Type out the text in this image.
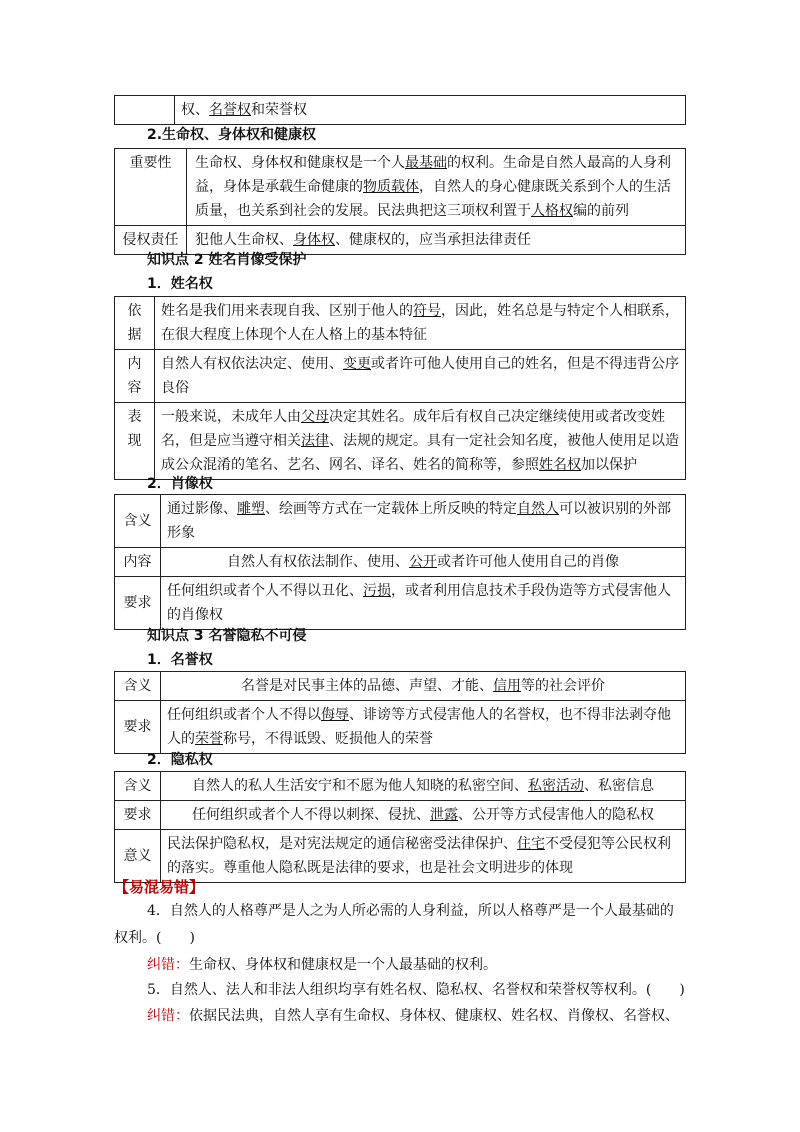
	权、名誉权和荣誉权
2.生命权、身体权和健康权
重要性	生命权、身体权和健康权是一个人最基础的权利。生命是自然人最高的人身利益，身体是承载生命健康的物质载体，自然人的身心健康既关系到个人的生活质量，也关系到社会的发展。民法典把这三项权利置于人格权编的前列
侵权责任	犯他人生命权、身体权、健康权的，应当承担法律责任
知识点 2 姓名肖像受保护
1．姓名权
依据	姓名是我们用来表现自我、区别于他人的符号，因此，姓名总是与特定个人相联系，在很大程度上体现个人在人格上的基本特征
内容	自然人有权依法决定、使用、变更或者许可他人使用自己的姓名，但是不得违背公序良俗
表现	一般来说，未成年人由父母决定其姓名。成年后有权自己决定继续使用或者改变姓名，但是应当遵守相关法律、法规的规定。具有一定社会知名度，被他人使用足以造成公众混淆的笔名、艺名、网名、译名、姓名的简称等，参照姓名权加以保护
2．肖像权
含义	通过影像、雕塑、绘画等方式在一定载体上所反映的特定自然人可以被识别的外部形象
内容	自然人有权依法制作、使用、公开或者许可他人使用自己的肖像
要求	任何组织或者个人不得以丑化、污损，或者利用信息技术手段伪造等方式侵害他人的肖像权
知识点 3 名誉隐私不可侵
1．名誉权
含义	名誉是对民事主体的品德、声望、才能、信用等的社会评价
要求	任何组织或者个人不得以侮辱、诽谤等方式侵害他人的名誉权，也不得非法剥夺他人的荣誉称号，不得诋毁、贬损他人的荣誉
2．隐私权
含义	自然人的私人生活安宁和不愿为他人知晓的私密空间、私密活动、私密信息
要求	任何组织或者个人不得以刺探、侵扰、泄露、公开等方式侵害他人的隐私权
意义	民法保护隐私权，是对宪法规定的通信秘密受法律保护、住宅不受侵犯等公民权利的落实。尊重他人隐私既是法律的要求，也是社会文明进步的体现
【易混易错】
4．自然人的人格尊严是人之为人所必需的人身利益，所以人格尊严是一个人最基础的
权利。(　　)
纠错：生命权、身体权和健康权是一个人最基础的权利。
5．自然人、法人和非法人组织均享有姓名权、隐私权、名誉权和荣誉权等权利。(　　)
纠错：依据民法典，自然人享有生命权、身体权、健康权、姓名权、肖像权、名誉权、
